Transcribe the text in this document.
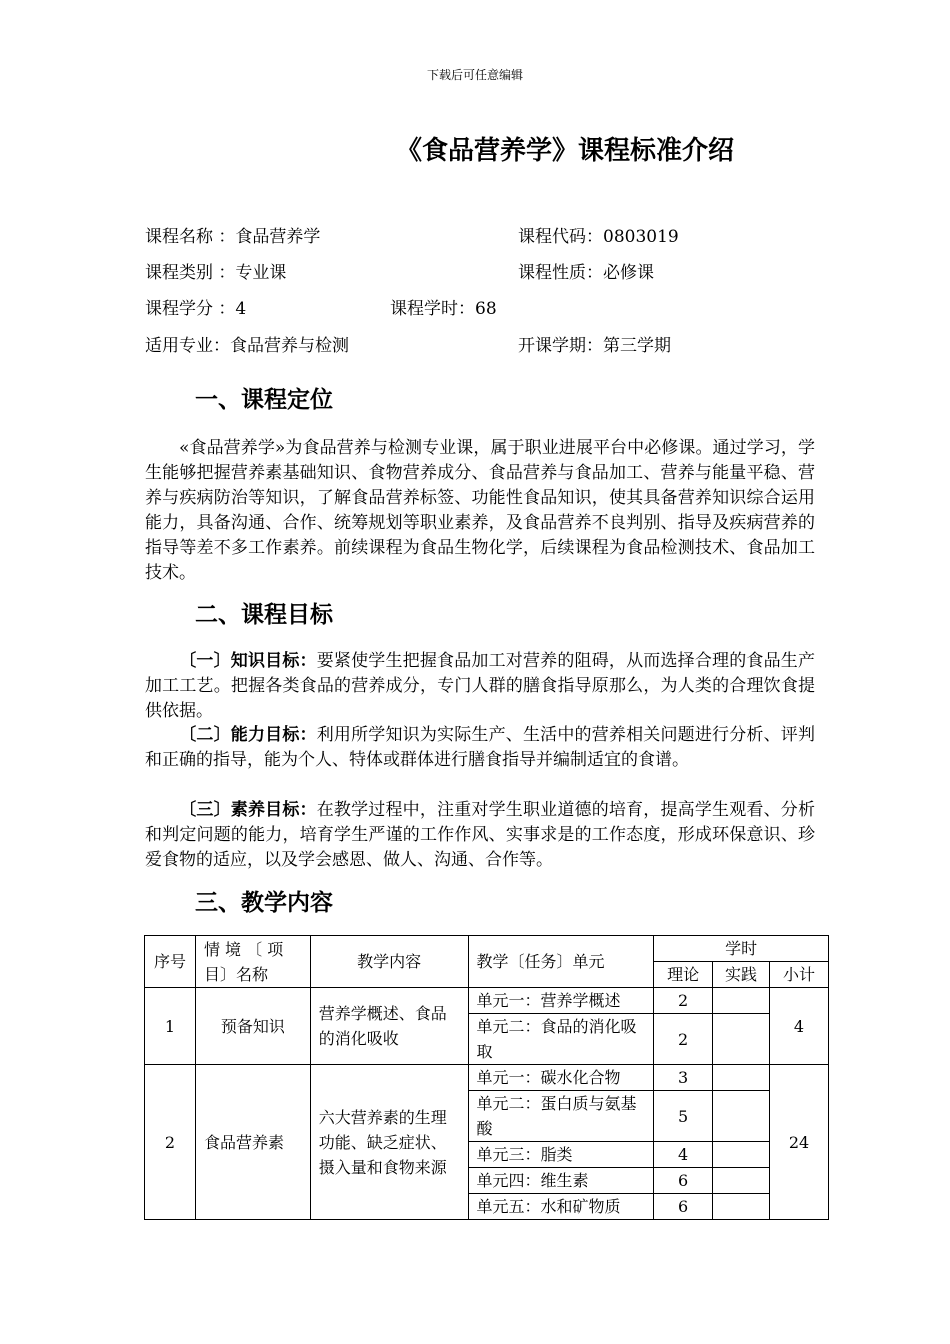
下载后可任意编辑
《食品营养学》课程标准介绍
课程名称 ：食品营养学	课程代码：0803019
课程类别 ：专业课	课程性质：必修课
课程学分 ：4	课程学时：68
适用专业：食品营养与检测	开课学期：第三学期
一、课程定位

«食品营养学»为食品营养与检测专业课，属于职业进展平台中必修课。通过学习，学生能够把握营养素基础知识、食物营养成分、食品营养与食品加工、营养与能量平稳、营养与疾病防治等知识，了解食品营养标签、功能性食品知识，使其具备营养知识综合运用能力，具备沟通、合作、统筹规划等职业素养，及食品营养不良判别、指导及疾病营养的指导等差不多工作素养。前续课程为食品生物化学，后续课程为食品检测技术、食品加工技术。

二、课程目标

〔一〕知识目标：要紧使学生把握食品加工对营养的阻碍，从而选择合理的食品生产加工工艺。把握各类食品的营养成分，专门人群的膳食指导原那么，为人类的合理饮食提供依据。

〔二〕能力目标：利用所学知识为实际生产、生活中的营养相关问题进行分析、评判和正确的指导，能为个人、特体或群体进行膳食指导并编制适宜的食谱。

〔三〕素养目标：在教学过程中，注重对学生职业道德的培育，提高学生观看、分析和判定问题的能力，培育学生严谨的工作作风、实事求是的工作态度，形成环保意识、珍爱食物的适应，以及学会感恩、做人、沟通、合作等。

三、教学内容
序号	情 境 〔 项 目〕名称	教学内容	教学〔任务〕单元	学时		
				理论	实践	小计
1	预备知识	营养学概述、食品的消化吸收	单元一：营养学概述	2		4
			单元二：食品的消化吸取	2		
2	食品营养素	六大营养素的生理功能、缺乏症状、摄入量和食物来源	单元一：碳水化合物	3		24
			单元二：蛋白质与氨基酸	5		
			单元三：脂类	4		
			单元四：维生素	6		
			单元五：水和矿物质	6		
